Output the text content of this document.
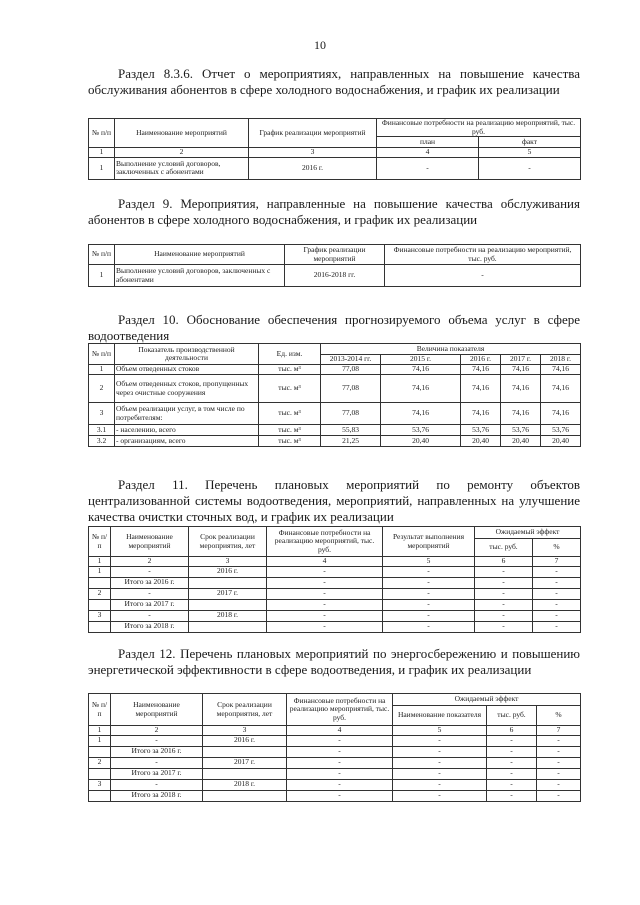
10
Раздел 8.3.6. Отчет о мероприятиях, направленных на повышение качества обслуживания абонентов в сфере холодного водоснабжения, и график их реализации
№ п/п	Наименование мероприятий	График реализации мероприятий	Финансовые потребности на реализацию мероприятий, тыс. руб.	
			план	факт
1	2	3	4	5
1	Выполнение условий договоров, заключенных с абонентами	2016 г.	-	-
Раздел 9. Мероприятия, направленные на повышение качества обслуживания абонентов в сфере холодного водоснабжения, и график их реализации
№ п/п	Наименование мероприятий	График реализации мероприятий	Финансовые потребности на реализацию мероприятий, тыс. руб.
1	Выполнение условий договоров, заключенных с абонентами	2016-2018 гг.	-
Раздел 10. Обоснование обеспечения прогнозируемого объема услуг в сфере водоотведения
№ п/п	Показатель производственной деятельности	Ед. изм.	Величина показателя				
			2013-2014 гг.	2015 г.	2016 г.	2017 г.	2018 г.
1	Объем отведенных стоков	тыс. м³	77,08	74,16	74,16	74,16	74,16
2	Объем отведенных стоков, пропущенных через очистные сооружения	тыс. м³	77,08	74,16	74,16	74,16	74,16
3	Объем реализации услуг, в том числе по потребителям:	тыс. м³	77,08	74,16	74,16	74,16	74,16
3.1	- населению, всего	тыс. м³	55,83	53,76	53,76	53,76	53,76
3.2	- организациям, всего	тыс. м³	21,25	20,40	20,40	20,40	20,40
Раздел 11. Перечень плановых мероприятий по ремонту объектов централизованной системы водоотведения, мероприятий, направленных на улучшение качества очистки сточных вод, и график их реализации
№ п/ п	Наименование мероприятий	Срок реализации мероприятия, лет	Финансовые потребности на реализацию мероприятий, тыс. руб.	Результат выполнения мероприятий	Ожидаемый эффект	
					тыс. руб.	%
1	2	3	4	5	6	7
1	-	2016 г.	-	-	-	-
	Итого за 2016 г.		-	-	-	-
2	-	2017 г.	-	-	-	-
	Итого за 2017 г.		-	-	-	-
3	-	2018 г.	-	-	-	-
	Итого за 2018 г.		-	-	-	-
Раздел 12. Перечень плановых мероприятий по энергосбережению и повышению энергетической эффективности в сфере водоотведения, и график их реализации
№ п/п	Наименование мероприятий	Срок реализации мероприятия, лет	Финансовые потребности на реализацию мероприятий, тыс. руб.	Ожидаемый эффект		
				Наименование показателя	тыс. руб.	%
1	2	3	4	5	6	7
1	-	2016 г.	-	-	-	-
	Итого за 2016 г.		-	-	-	-
2	-	2017 г.	-	-	-	-
	Итого за 2017 г.		-	-	-	-
3	-	2018 г.	-	-	-	-
	Итого за 2018 г.		-	-	-	-
